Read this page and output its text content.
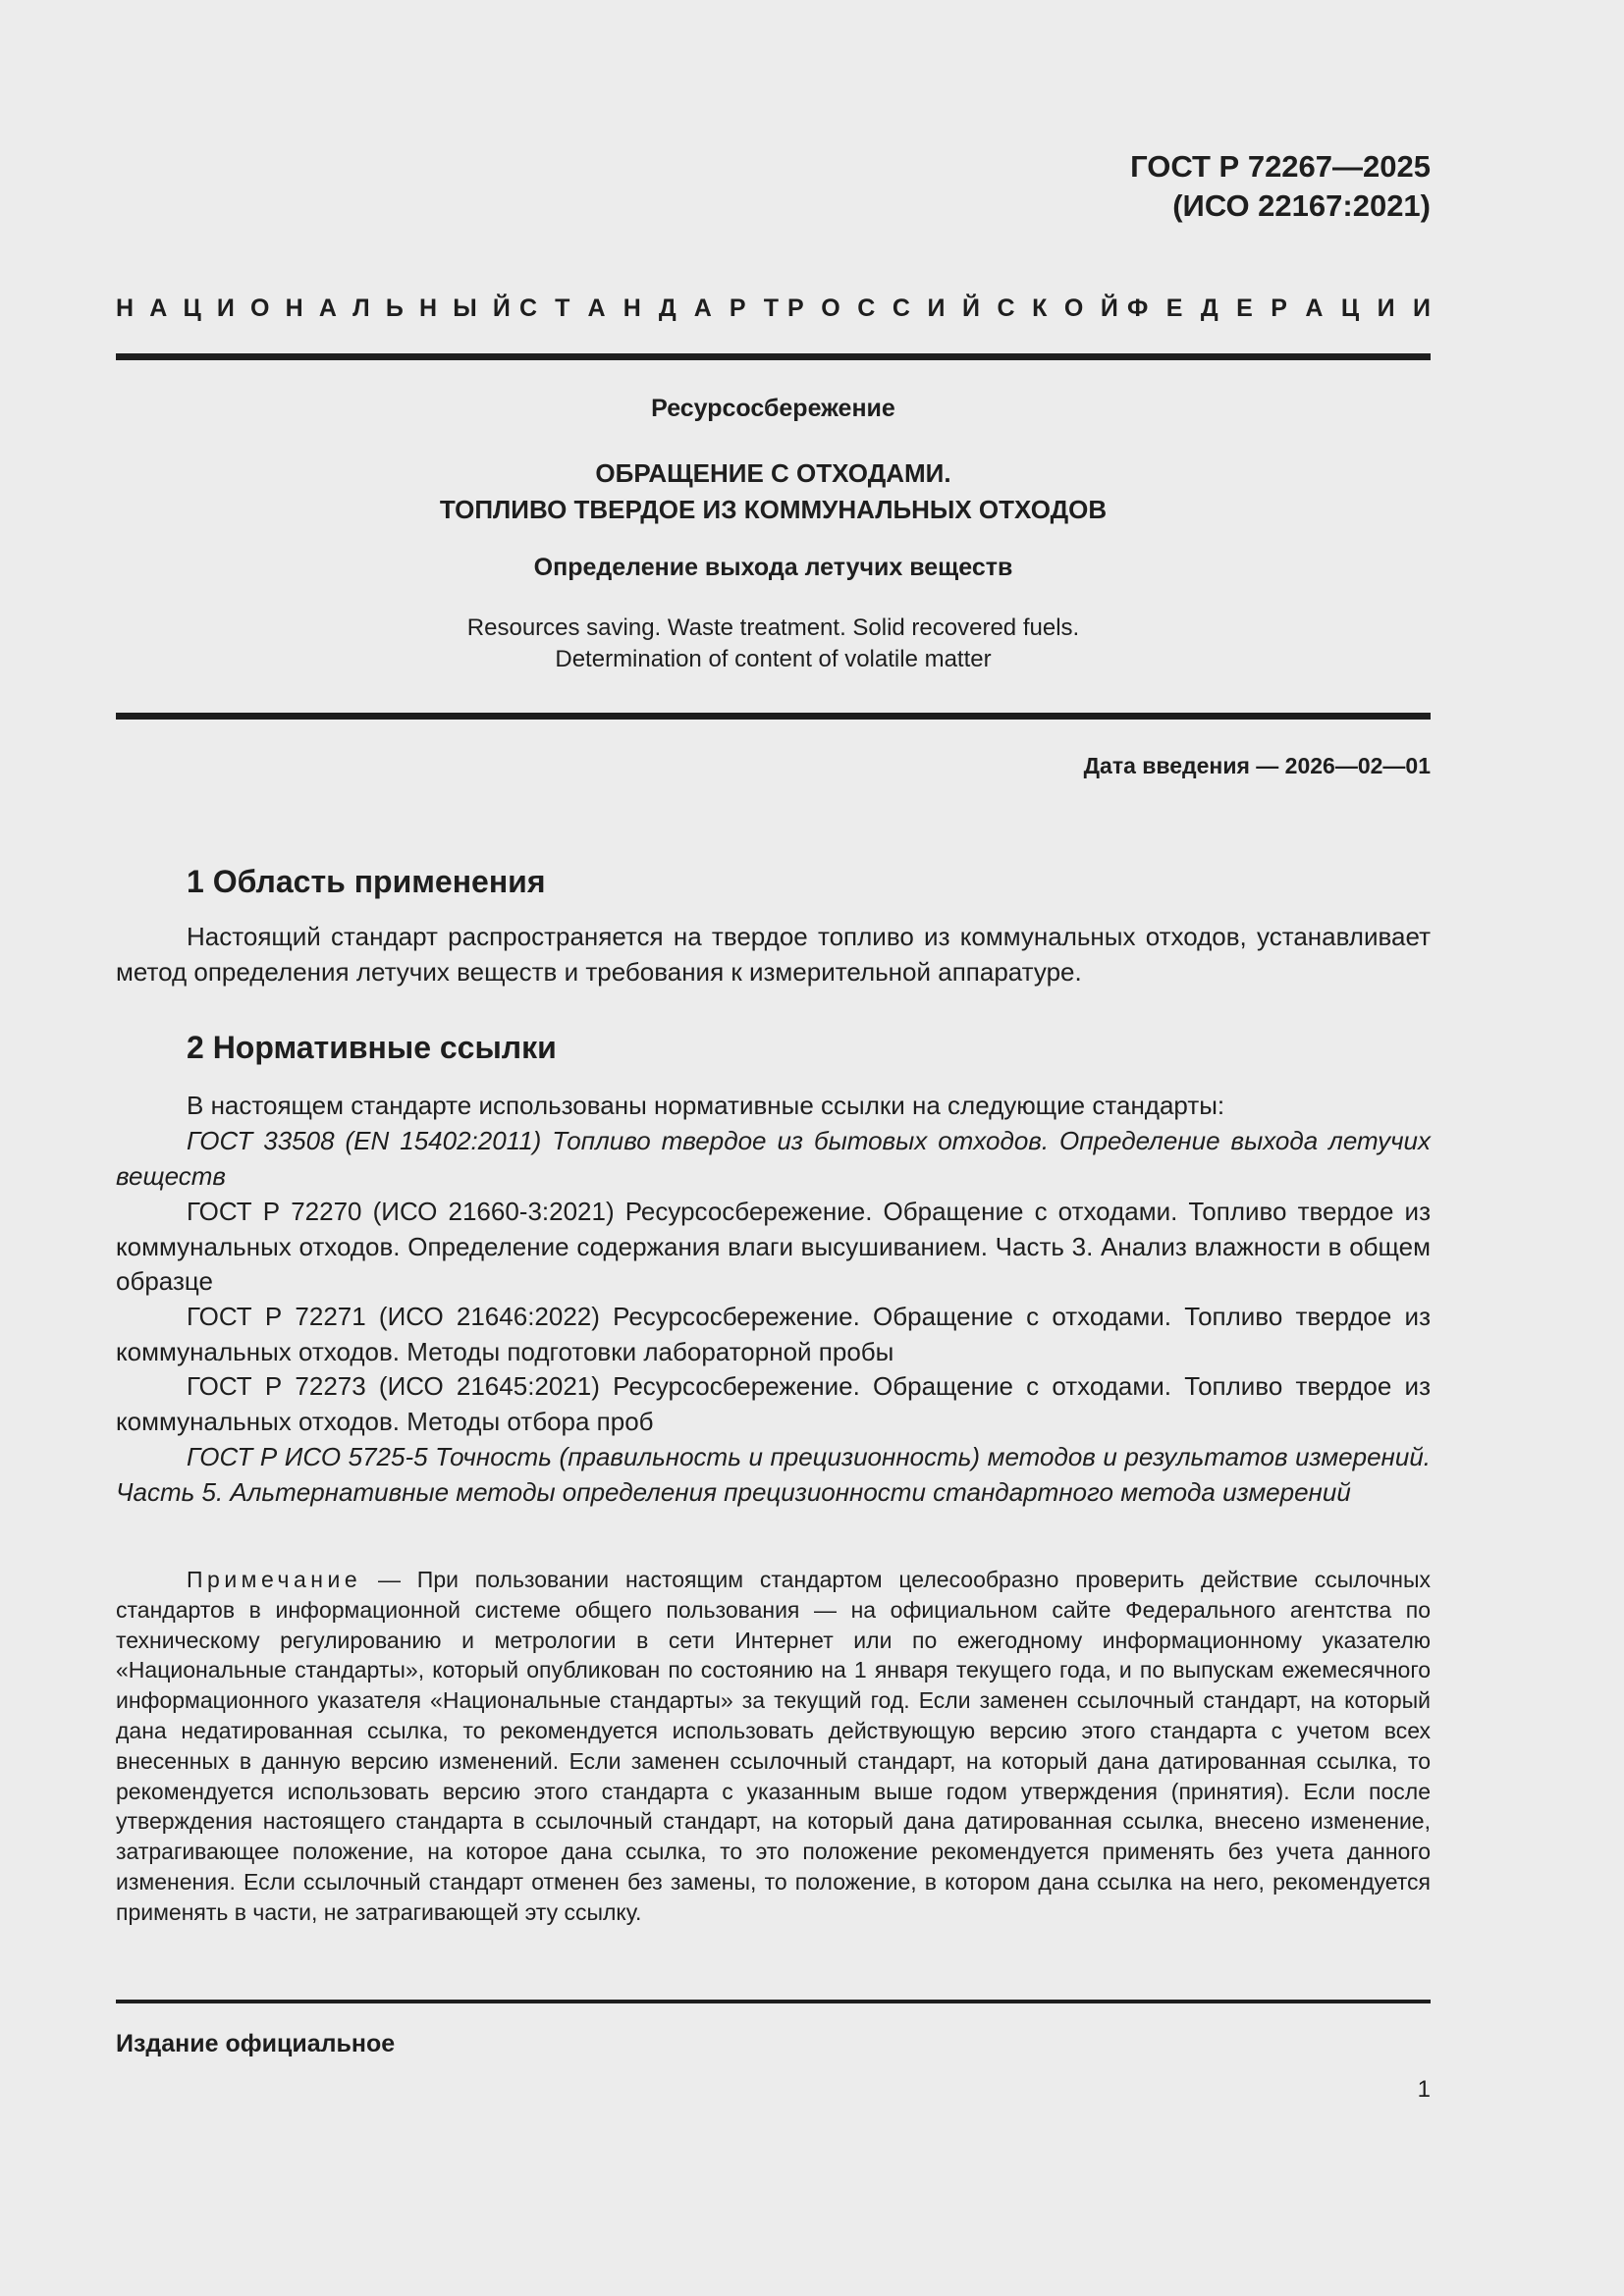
ГОСТ Р 72267—2025
(ИСО 22167:2021)
Н А Ц И О Н А Л Ь Н Ы Й С Т А Н Д А Р Т Р О С С И Й С К О Й Ф Е Д Е Р А Ц И И
Ресурсосбережение
ОБРАЩЕНИЕ С ОТХОДАМИ.
ТОПЛИВО ТВЕРДОЕ ИЗ КОММУНАЛЬНЫХ ОТХОДОВ
Определение выхода летучих веществ
Resources saving. Waste treatment. Solid recovered fuels.
Determination of content of volatile matter
Дата введения — 2026—02—01
1 Область применения
Настоящий стандарт распространяется на твердое топливо из коммунальных отходов, устанавливает метод определения летучих веществ и требования к измерительной аппаратуре.
2 Нормативные ссылки
В настоящем стандарте использованы нормативные ссылки на следующие стандарты:
ГОСТ 33508 (EN 15402:2011) Топливо твердое из бытовых отходов. Определение выхода летучих веществ
ГОСТ Р 72270 (ИСО 21660-3:2021) Ресурсосбережение. Обращение с отходами. Топливо твердое из коммунальных отходов. Определение содержания влаги высушиванием. Часть 3. Анализ влажности в общем образце
ГОСТ Р 72271 (ИСО 21646:2022) Ресурсосбережение. Обращение с отходами. Топливо твердое из коммунальных отходов. Методы подготовки лабораторной пробы
ГОСТ Р 72273 (ИСО 21645:2021) Ресурсосбережение. Обращение с отходами. Топливо твердое из коммунальных отходов. Методы отбора проб
ГОСТ Р ИСО 5725-5 Точность (правильность и прецизионность) методов и результатов измерений. Часть 5. Альтернативные методы определения прецизионности стандартного метода измерений
Примечание — При пользовании настоящим стандартом целесообразно проверить действие ссылочных стандартов в информационной системе общего пользования — на официальном сайте Федерального агентства по техническому регулированию и метрологии в сети Интернет или по ежегодному информационному указателю «Национальные стандарты», который опубликован по состоянию на 1 января текущего года, и по выпускам ежемесячного информационного указателя «Национальные стандарты» за текущий год. Если заменен ссылочный стандарт, на который дана недатированная ссылка, то рекомендуется использовать действующую версию этого стандарта с учетом всех внесенных в данную версию изменений. Если заменен ссылочный стандарт, на который дана датированная ссылка, то рекомендуется использовать версию этого стандарта с указанным выше годом утверждения (принятия). Если после утверждения настоящего стандарта в ссылочный стандарт, на который дана датированная ссылка, внесено изменение, затрагивающее положение, на которое дана ссылка, то это положение рекомендуется применять без учета данного изменения. Если ссылочный стандарт отменен без замены, то положение, в котором дана ссылка на него, рекомендуется применять в части, не затрагивающей эту ссылку.
Издание официальное
1
